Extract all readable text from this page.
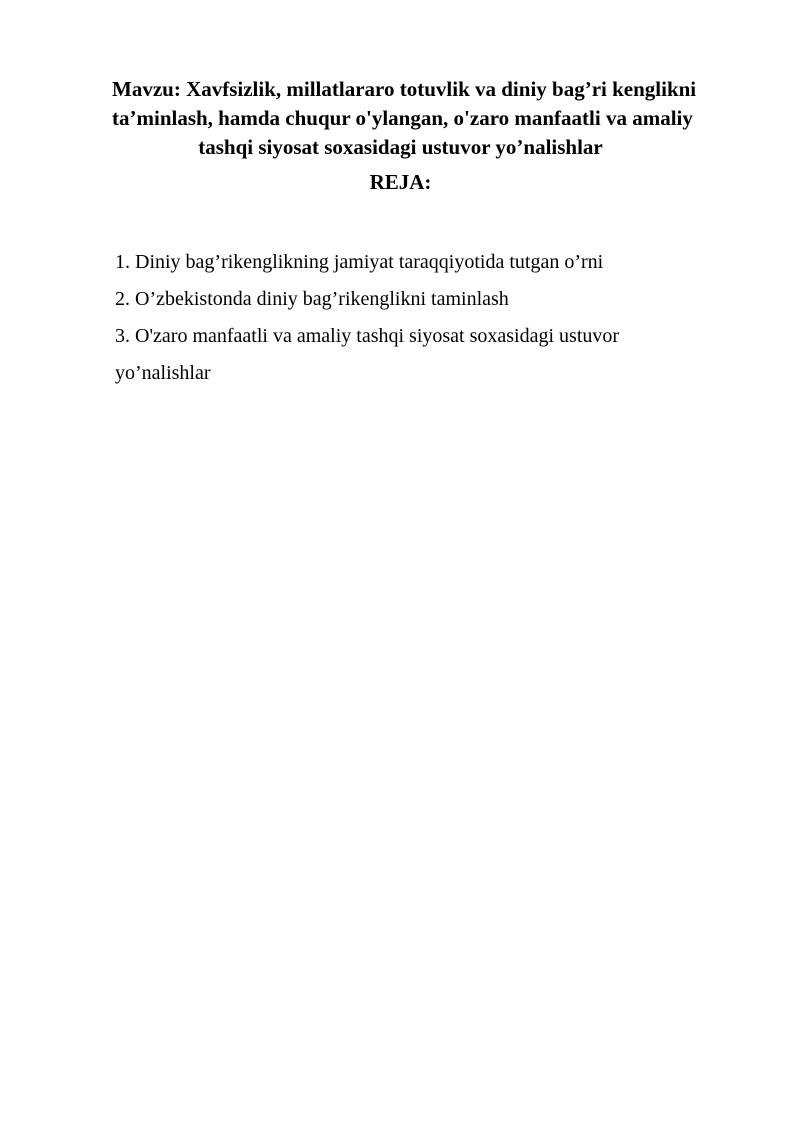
Mavzu: Xavfsizlik, millatlararo totuvlik va diniy bag’ri kenglikni
ta’minlash, hamda chuqur o'ylangan, o'zaro manfaatli va amaliy
tashqi siyosat soxasidagi ustuvor yo’nalishlar
REJA:
1. Diniy bag’rikenglikning jamiyat taraqqiyotida tutgan o’rni
2. O’zbekistonda diniy bag’rikenglikni taminlash
3. O'zaro manfaatli va amaliy tashqi siyosat soxasidagi ustuvor
yo’nalishlar
